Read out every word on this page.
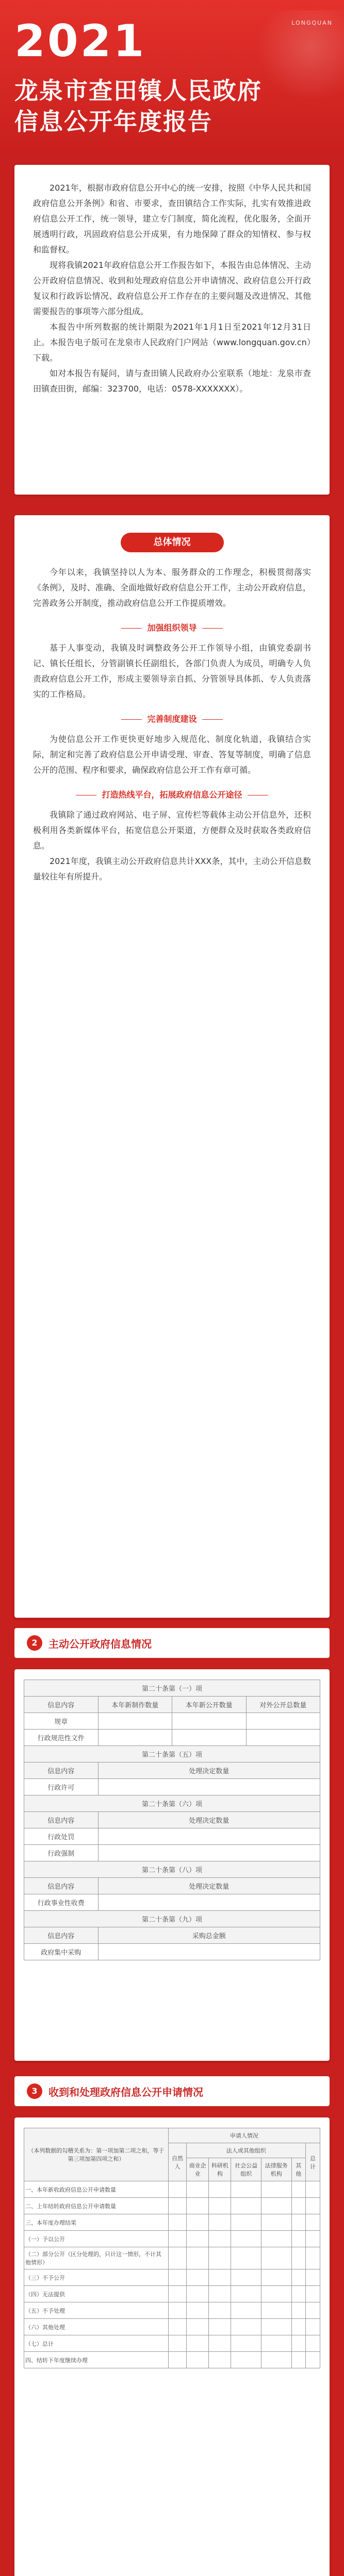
LONGQUAN
2021
龙泉市查田镇人民政府
信息公开年度报告

2021年，根据市政府信息公开中心的统一安排，按照《中华人民共和国政府信息公开条例》和省、市要求，查田镇结合工作实际，扎实有效推进政府信息公开工作，统一领导，建立专门制度，简化流程，优化服务，全面开展透明行政，巩固政府信息公开成果，有力地保障了群众的知情权、参与权和监督权。

现将我镇2021年政府信息公开工作报告如下，本报告由总体情况、主动公开政府信息情况、收到和处理政府信息公开申请情况、政府信息公开行政复议和行政诉讼情况、政府信息公开工作存在的主要问题及改进情况、其他需要报告的事项等六部分组成。

本报告中所列数据的统计期限为2021年1月1日至2021年12月31日止。本报告电子版可在龙泉市人民政府门户网站（www.longquan.gov.cn）下载。

如对本报告有疑问，请与查田镇人民政府办公室联系（地址：龙泉市查田镇查田街，邮编：323700，电话：0578-XXXXXXX）。

总体情况

今年以来，我镇坚持以人为本、服务群众的工作理念，积极贯彻落实《条例》，及时、准确、全面地做好政府信息公开工作，主动公开政府信息，完善政务公开制度，推动政府信息公开工作提质增效。

加强组织领导

基于人事变动，我镇及时调整政务公开工作领导小组，由镇党委副书记、镇长任组长，分管副镇长任副组长，各部门负责人为成员，明确专人负责政府信息公开工作，形成主要领导亲自抓、分管领导具体抓、专人负责落实的工作格局。

完善制度建设

为使信息公开工作更快更好地步入规范化、制度化轨道，我镇结合实际，制定和完善了政府信息公开申请受理、审查、答复等制度，明确了信息公开的范围、程序和要求，确保政府信息公开工作有章可循。

打造热线平台，拓展政府信息公开途径

我镇除了通过政府网站、电子屏、宣传栏等载体主动公开信息外，还积极利用各类新媒体平台，拓宽信息公开渠道，方便群众及时获取各类政府信息。

2021年度，我镇主动公开政府信息共计XXX条，其中，主动公开信息数量较往年有所提升。

2	主动公开政府信息情况
第二十条第（一）项			
信息内容	本年新制作数量	本年新公开数量	对外公开总数量
规章			
行政规范性文件			
第二十条第（五）项			
信息内容	处理决定数量		
行政许可			
第二十条第（六）项			
信息内容	处理决定数量		
行政处罚			
行政强制			
第二十条第（八）项			
信息内容	处理决定数量		
行政事业性收费			
第二十条第（九）项			
信息内容	采购总金额		
政府集中采购			
3	收到和处理政府信息公开申请情况
（本列数据的勾稽关系为：第一项加第二项之和，等于第三项加第四项之和）	申请人情况						
	自然人	法人或其他组织					总计
		商业企业	科研机构	社会公益组织	法律服务机构	其他	
一、本年新收政府信息公开申请数量							
二、上年结转政府信息公开申请数量							
三、本年度办理结果							
（一）予以公开							
（二）部分公开（区分处理的，只计这一情形，不计其他情形）							
（三）不予公开							
（四）无法提供							
（五）不予处理							
（六）其他处理							
（七）总计							
四、结转下年度继续办理							
